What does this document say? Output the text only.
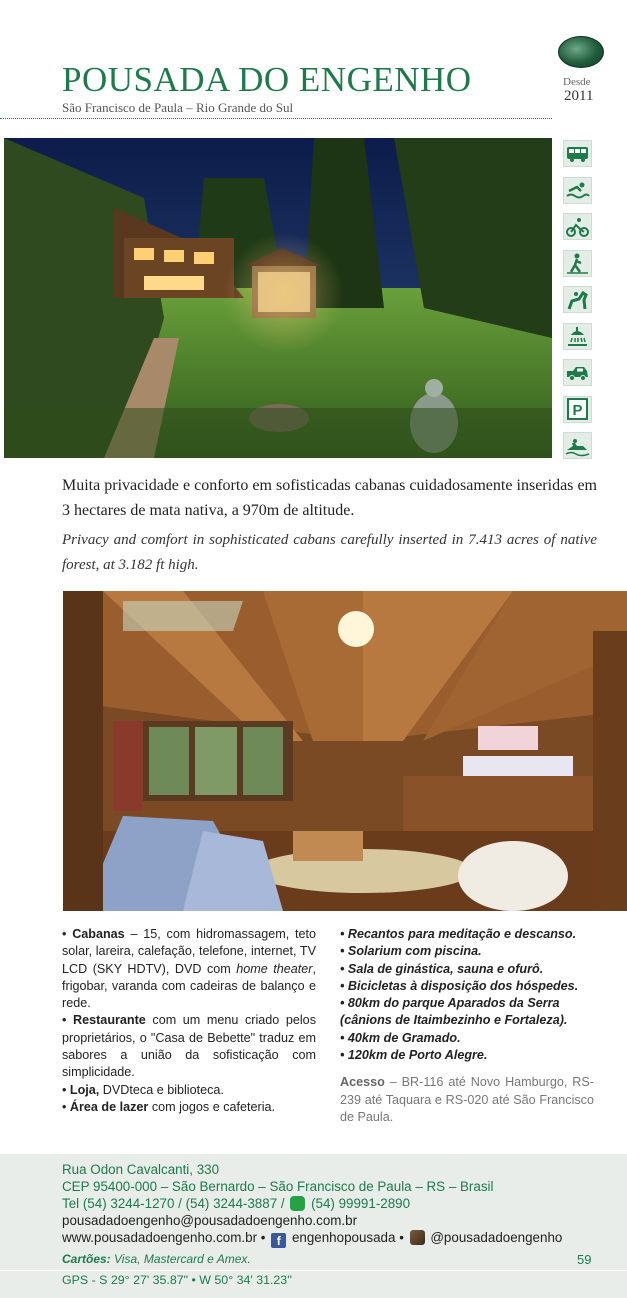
POUSADA DO ENGENHO
São Francisco de Paula – Rio Grande do Sul
Desde
2011
P

Muita privacidade e conforto em sofisticadas cabanas cuidadosamente inseridas em 3 hectares de mata nativa, a 970m de altitude.

Privacy and comfort in sophisticated cabans carefully inserted in 7.413 acres of native forest, at 3.182 ft high.

• Cabanas – 15, com hidromassagem, teto solar, lareira, calefação, telefone, internet, TV LCD (SKY HDTV), DVD com home theater, frigobar, varanda com cadeiras de balanço e rede.

• Restaurante com um menu criado pelos proprietários, o "Casa de Bebette" traduz em sabores a união da sofisticação com simplicidade.

• Loja, DVDteca e biblioteca.

• Área de lazer com jogos e cafeteria.

• Recantos para meditação e descanso.

• Solarium com piscina.

• Sala de ginástica, sauna e ofurô.

• Bicicletas à disposição dos hóspedes.

• 80km do parque Aparados da Serra (cânions de Itaimbezinho e Fortaleza).

• 40km de Gramado.

• 120km de Porto Alegre.

Acesso – BR-116 até Novo Hamburgo, RS-239 até Taquara e RS-020 até São Francisco de Paula.

Rua Odon Cavalcanti, 330
CEP 95400-000 – São Bernardo – São Francisco de Paula – RS – Brasil
Tel (54) 3244-1270 / (54) 3244-3887 / (54) 99991-2890
pousadadoengenho@pousadadoengenho.com.br
www.pousadadoengenho.com.br • f engenhopousada •  @pousadadoengenho
Cartões: Visa, Mastercard e Amex.	59
GPS - S 29° 27' 35.87" • W 50° 34' 31.23''
